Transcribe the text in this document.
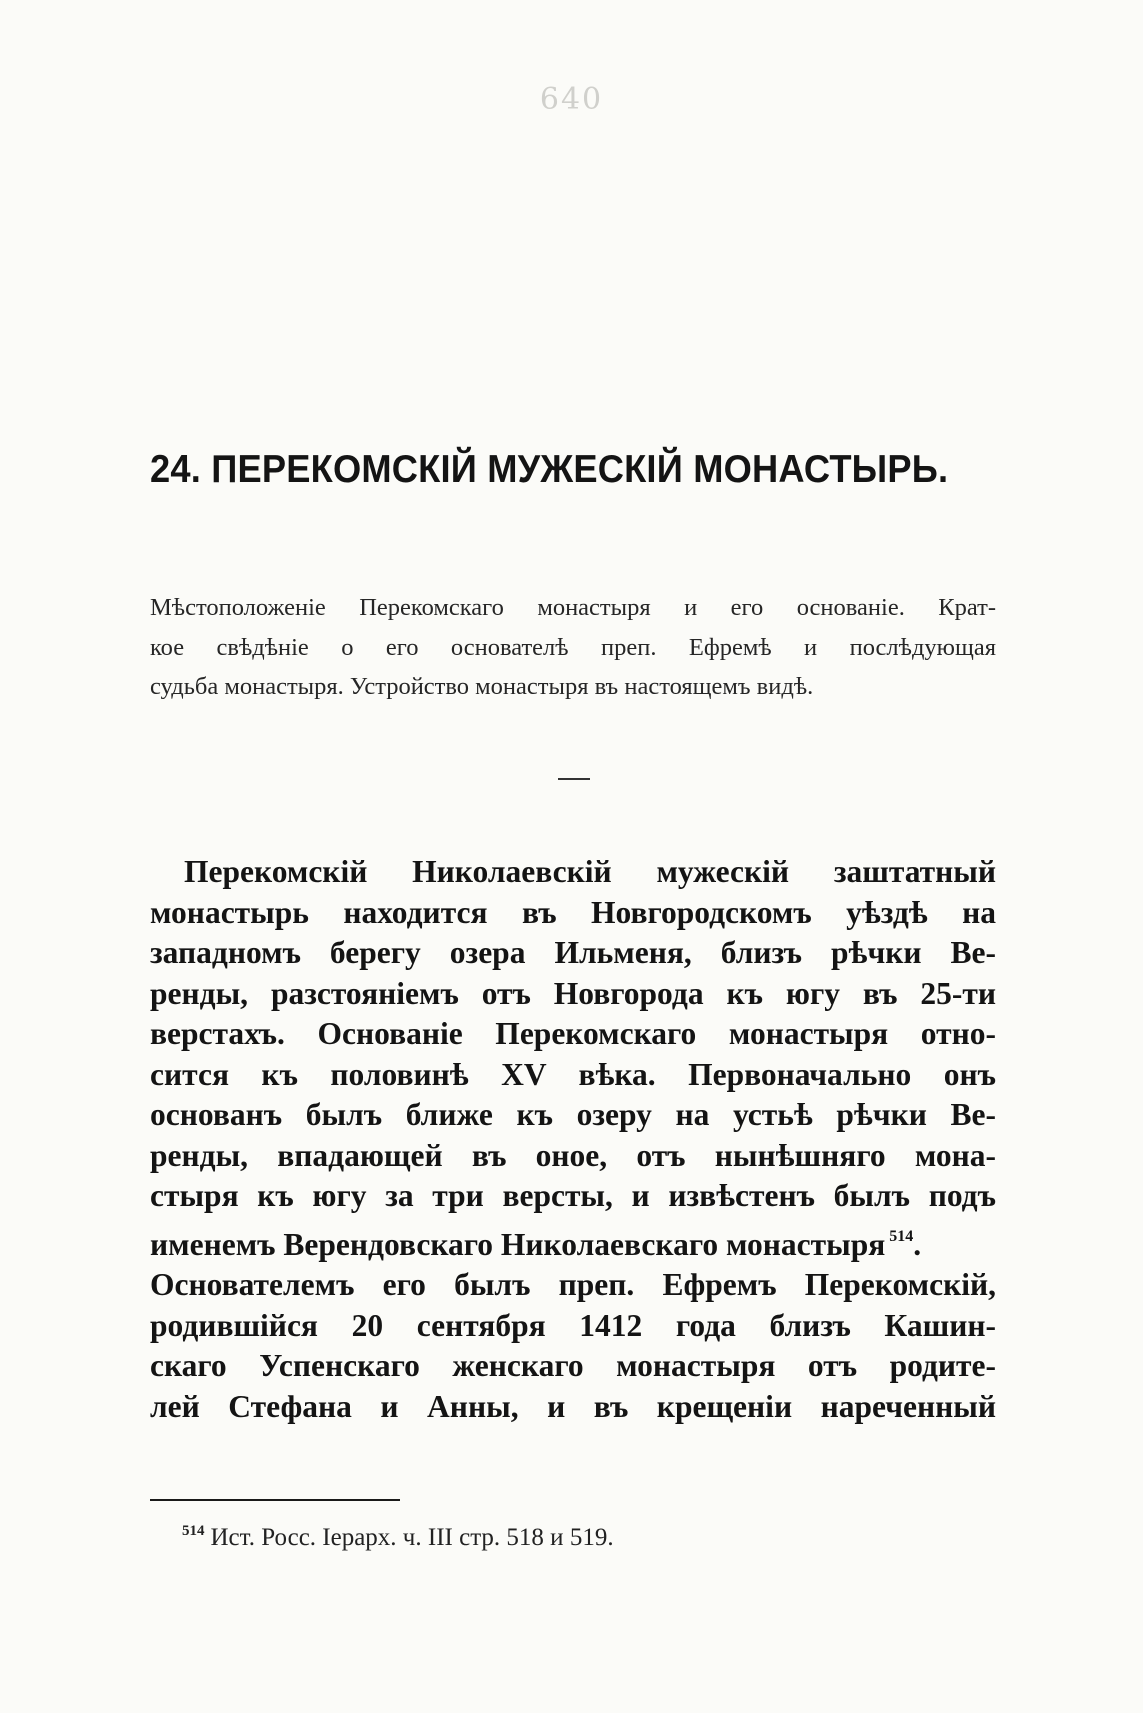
640
24. ПЕРЕКОМСКІЙ МУЖЕСКІЙ МОНАСТЫРЬ.
Мѣстоположеніе Перекомскаго монастыря и его основаніе. Крат-
кое свѣдѣніе о его основателѣ преп. Ефремѣ и послѣдующая
судьба монастыря. Устройство монастыря въ настоящемъ видѣ.
Перекомскій Николаевскій мужескій заштатный
монастырь находится въ Новгородскомъ уѣздѣ на
западномъ берегу озера Ильменя, близъ рѣчки Ве-
ренды, разстояніемъ отъ Новгорода къ югу въ 25-ти
верстахъ. Основаніе Перекомскаго монастыря отно-
сится къ половинѣ XV вѣка. Первоначально онъ
основанъ былъ ближе къ озеру на устьѣ рѣчки Ве-
ренды, впадающей въ оное, отъ нынѣшняго мона-
стыря къ югу за три версты, и извѣстенъ былъ подъ
именемъ Верендовскаго Николаевскаго монастыря $^{514}$.
Основателемъ его былъ преп. Ефремъ Перекомскій,
родившійся 20 сентября 1412 года близъ Кашин-
скаго Успенскаго женскаго монастыря отъ родите-
лей Стефана и Анны, и въ крещеніи нареченный
$^{514}$ Ист. Росс. Іерарх. ч. III стр. 518 и 519.
